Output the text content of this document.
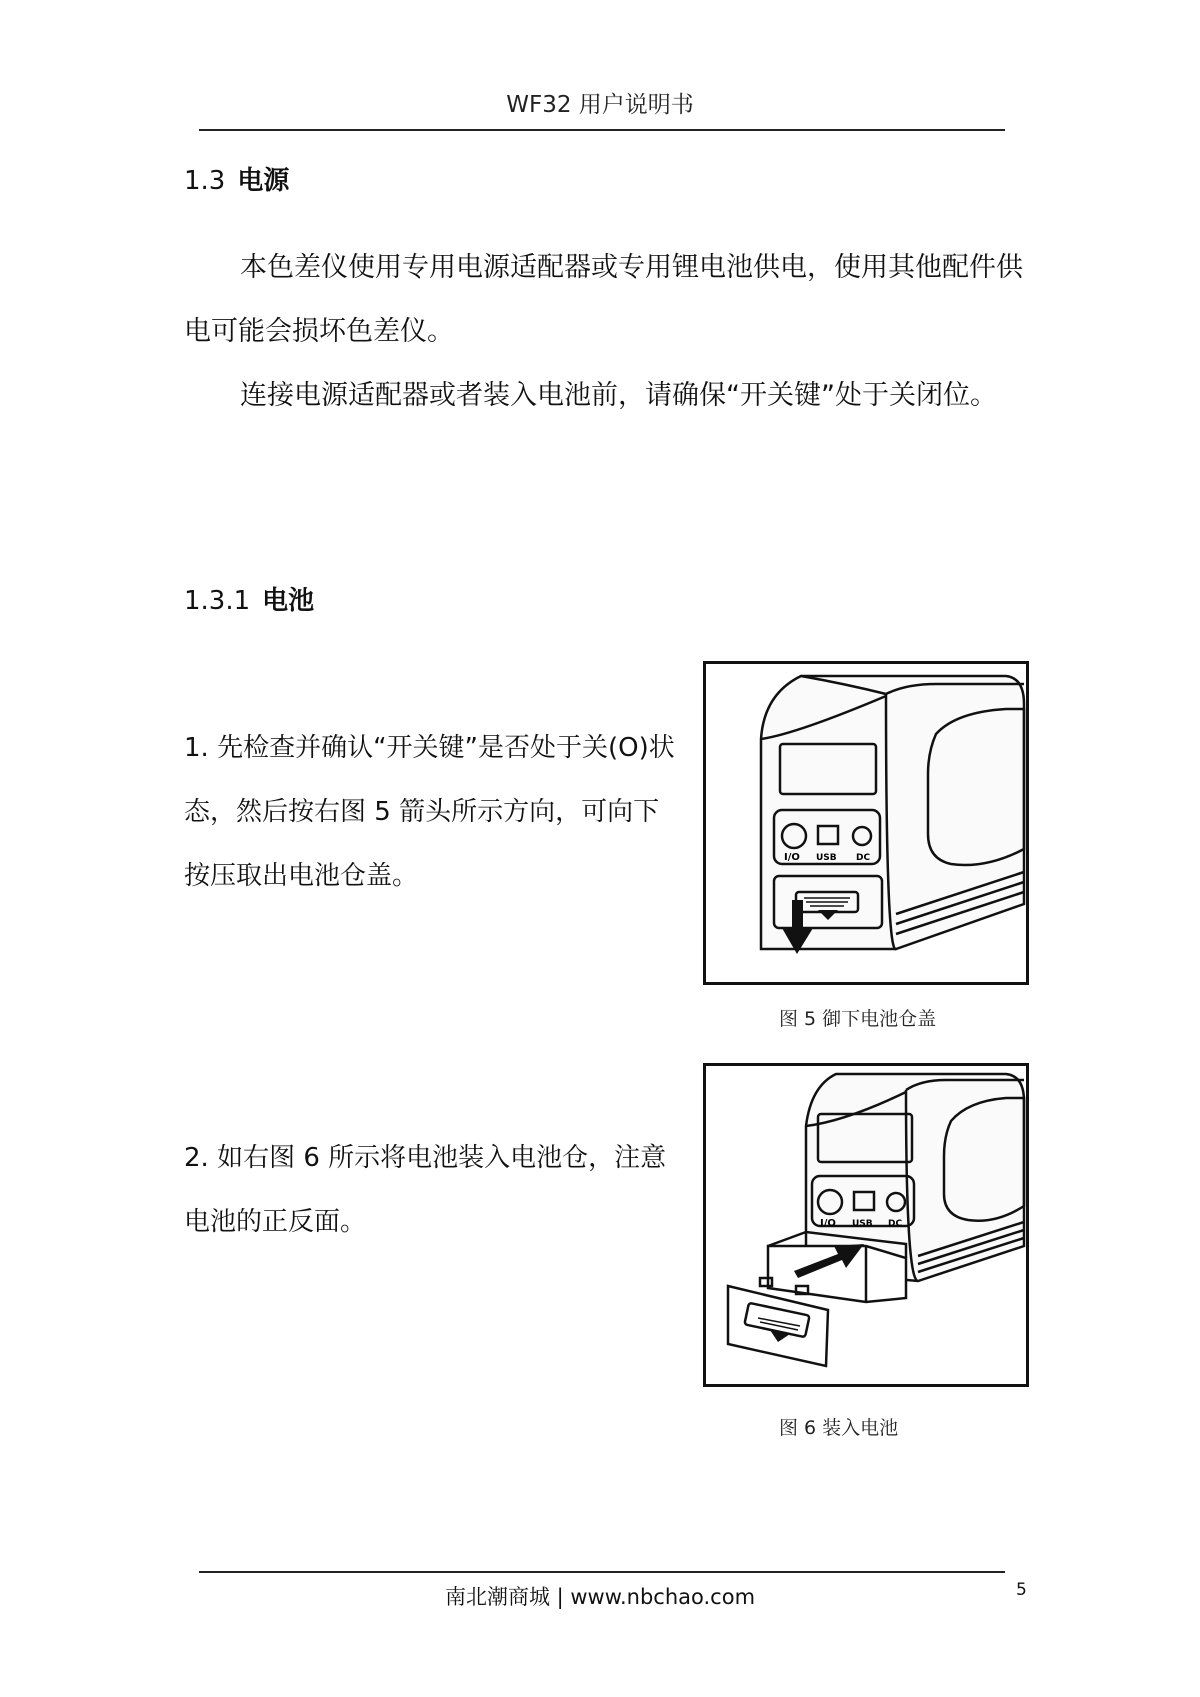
WF32 用户说明书
1.3 电源
本色差仪使用专用电源适配器或专用锂电池供电，使用其他配件供电可能会损坏色差仪。
连接电源适配器或者装入电池前，请确保“开关键”处于关闭位。
1.3.1 电池
1. 先检查并确认“开关键”是否处于关(O)状态，然后按右图 5 箭头所示方向，可向下按压取出电池仓盖。
2. 如右图 6 所示将电池装入电池仓，注意电池的正反面。
I/O USB DC
图 5 御下电池仓盖
I/O USB DC
图 6 装入电池
南北潮商城 | www.nbchao.com	5
